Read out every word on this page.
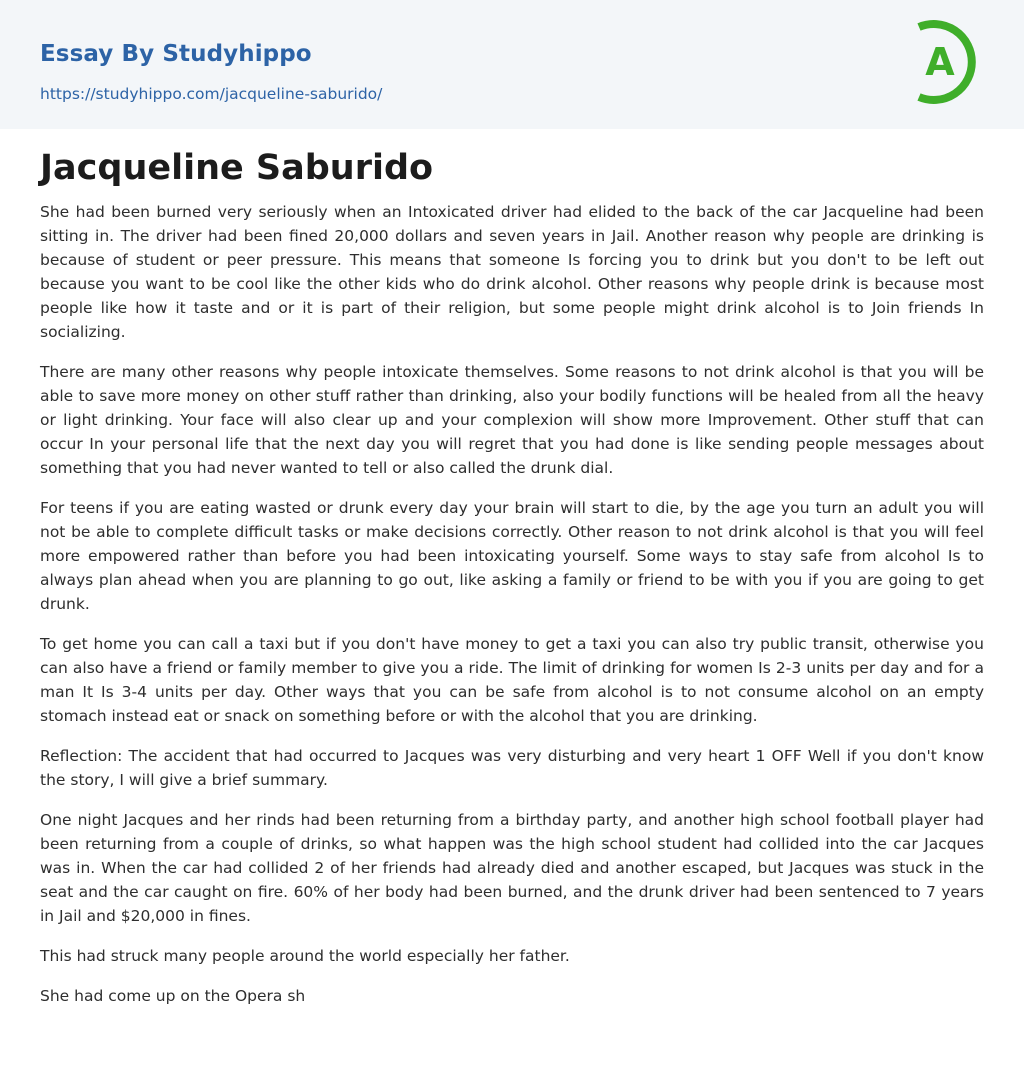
Essay By Studyhippo
https://studyhippo.com/jacqueline-saburido/
A
Jacqueline Saburido

She had been burned very seriously when an Intoxicated driver had elided to the back of the car Jacqueline had been sitting in. The driver had been fined 20,000 dollars and seven years in Jail. Another reason why people are drinking is because of student or peer pressure. This means that someone Is forcing you to drink but you don't to be left out because you want to be cool like the other kids who do drink alcohol. Other reasons why people drink is because most people like how it taste and or it is part of their religion, but some people might drink alcohol is to Join friends In socializing.

There are many other reasons why people intoxicate themselves. Some reasons to not drink alcohol is that you will be able to save more money on other stuff rather than drinking, also your bodily functions will be healed from all the heavy or light drinking. Your face will also clear up and your complexion will show more Improvement. Other stuff that can occur In your personal life that the next day you will regret that you had done is like sending people messages about something that you had never wanted to tell or also called the drunk dial.

For teens if you are eating wasted or drunk every day your brain will start to die, by the age you turn an adult you will not be able to complete difficult tasks or make decisions correctly. Other reason to not drink alcohol is that you will feel more empowered rather than before you had been intoxicating yourself. Some ways to stay safe from alcohol Is to always plan ahead when you are planning to go out, like asking a family or friend to be with you if you are going to get drunk.

To get home you can call a taxi but if you don't have money to get a taxi you can also try public transit, otherwise you can also have a friend or family member to give you a ride. The limit of drinking for women Is 2-3 units per day and for a man It Is 3-4 units per day. Other ways that you can be safe from alcohol is to not consume alcohol on an empty stomach instead eat or snack on something before or with the alcohol that you are drinking.

Reflection: The accident that had occurred to Jacques was very disturbing and very heart 1 OFF Well if you don't know the story, I will give a brief summary.

One night Jacques and her rinds had been returning from a birthday party, and another high school football player had been returning from a couple of drinks, so what happen was the high school student had collided into the car Jacques was in. When the car had collided 2 of her friends had already died and another escaped, but Jacques was stuck in the seat and the car caught on fire. 60% of her body had been burned, and the drunk driver had been sentenced to 7 years in Jail and $20,000 in fines.

This had struck many people around the world especially her father.

She had come up on the Opera sh
